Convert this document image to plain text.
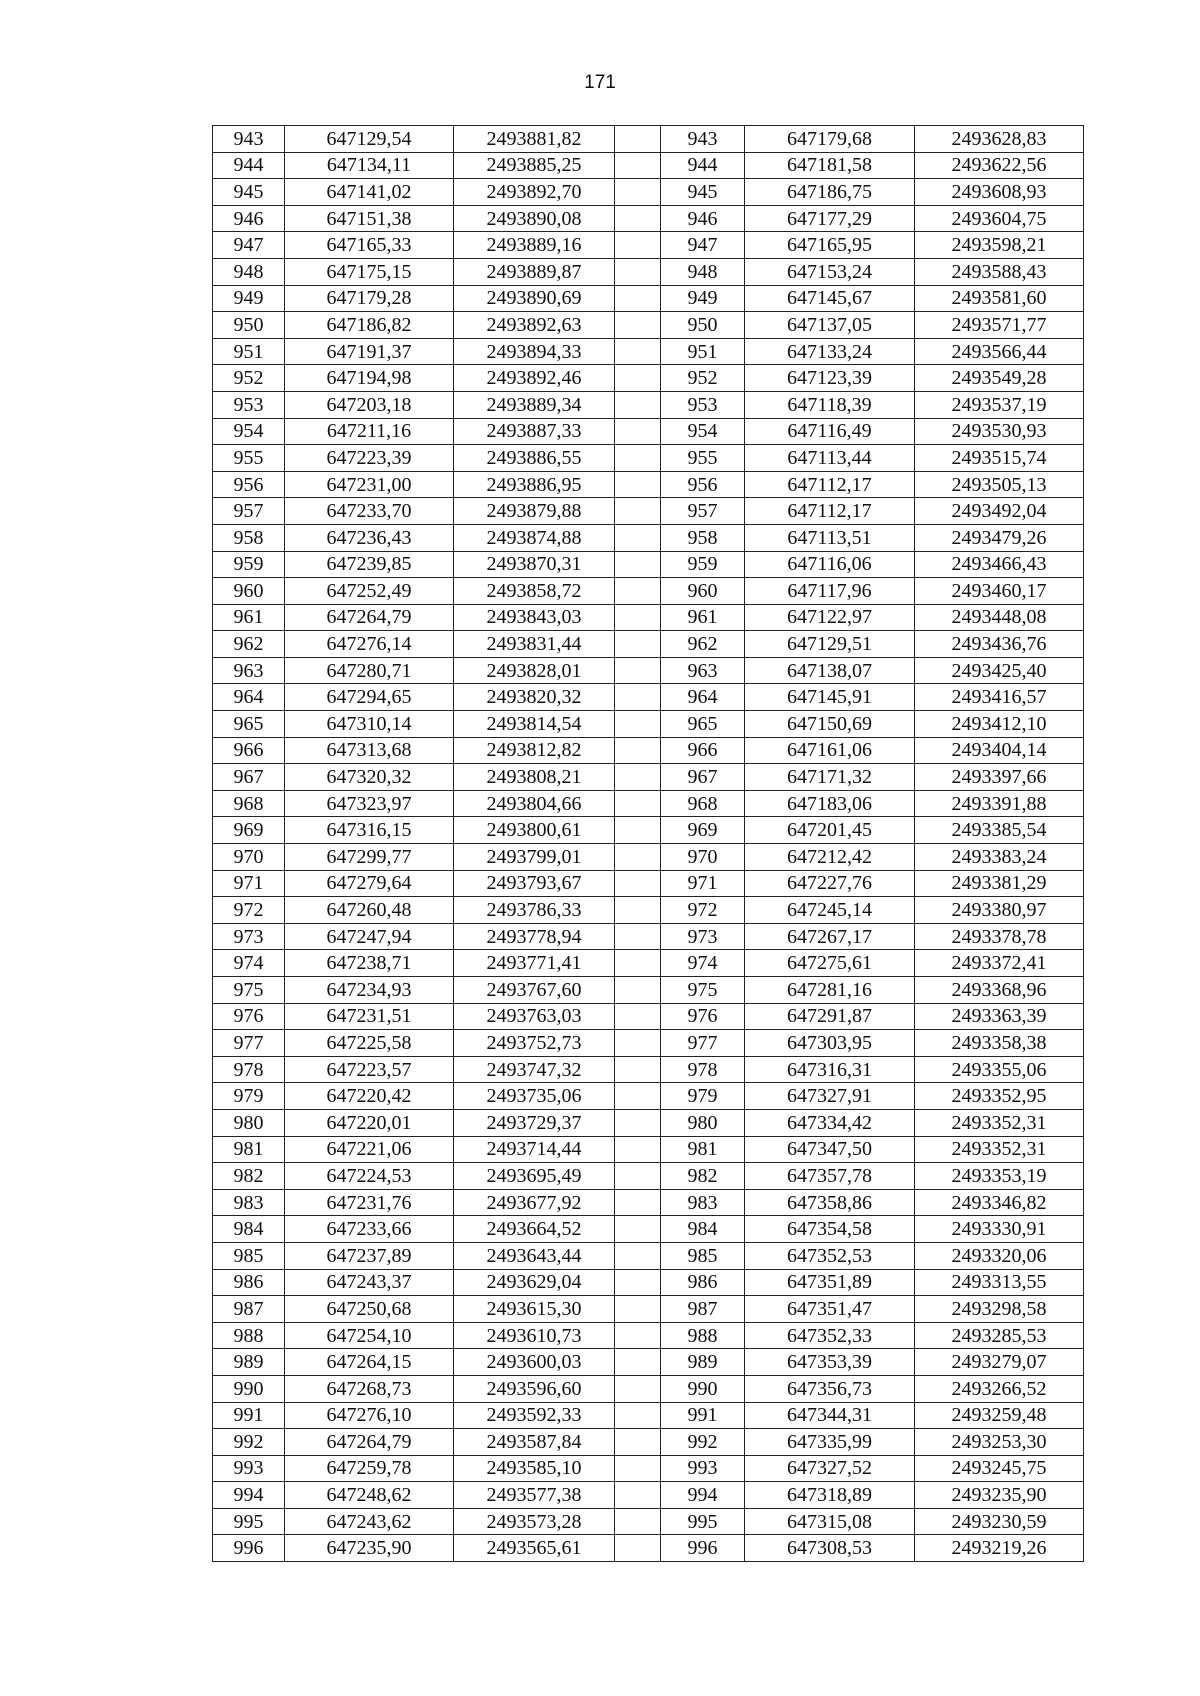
171
943	647129,54	2493881,82		943	647179,68	2493628,83
944	647134,11	2493885,25		944	647181,58	2493622,56
945	647141,02	2493892,70		945	647186,75	2493608,93
946	647151,38	2493890,08		946	647177,29	2493604,75
947	647165,33	2493889,16		947	647165,95	2493598,21
948	647175,15	2493889,87		948	647153,24	2493588,43
949	647179,28	2493890,69		949	647145,67	2493581,60
950	647186,82	2493892,63		950	647137,05	2493571,77
951	647191,37	2493894,33		951	647133,24	2493566,44
952	647194,98	2493892,46		952	647123,39	2493549,28
953	647203,18	2493889,34		953	647118,39	2493537,19
954	647211,16	2493887,33		954	647116,49	2493530,93
955	647223,39	2493886,55		955	647113,44	2493515,74
956	647231,00	2493886,95		956	647112,17	2493505,13
957	647233,70	2493879,88		957	647112,17	2493492,04
958	647236,43	2493874,88		958	647113,51	2493479,26
959	647239,85	2493870,31		959	647116,06	2493466,43
960	647252,49	2493858,72		960	647117,96	2493460,17
961	647264,79	2493843,03		961	647122,97	2493448,08
962	647276,14	2493831,44		962	647129,51	2493436,76
963	647280,71	2493828,01		963	647138,07	2493425,40
964	647294,65	2493820,32		964	647145,91	2493416,57
965	647310,14	2493814,54		965	647150,69	2493412,10
966	647313,68	2493812,82		966	647161,06	2493404,14
967	647320,32	2493808,21		967	647171,32	2493397,66
968	647323,97	2493804,66		968	647183,06	2493391,88
969	647316,15	2493800,61		969	647201,45	2493385,54
970	647299,77	2493799,01		970	647212,42	2493383,24
971	647279,64	2493793,67		971	647227,76	2493381,29
972	647260,48	2493786,33		972	647245,14	2493380,97
973	647247,94	2493778,94		973	647267,17	2493378,78
974	647238,71	2493771,41		974	647275,61	2493372,41
975	647234,93	2493767,60		975	647281,16	2493368,96
976	647231,51	2493763,03		976	647291,87	2493363,39
977	647225,58	2493752,73		977	647303,95	2493358,38
978	647223,57	2493747,32		978	647316,31	2493355,06
979	647220,42	2493735,06		979	647327,91	2493352,95
980	647220,01	2493729,37		980	647334,42	2493352,31
981	647221,06	2493714,44		981	647347,50	2493352,31
982	647224,53	2493695,49		982	647357,78	2493353,19
983	647231,76	2493677,92		983	647358,86	2493346,82
984	647233,66	2493664,52		984	647354,58	2493330,91
985	647237,89	2493643,44		985	647352,53	2493320,06
986	647243,37	2493629,04		986	647351,89	2493313,55
987	647250,68	2493615,30		987	647351,47	2493298,58
988	647254,10	2493610,73		988	647352,33	2493285,53
989	647264,15	2493600,03		989	647353,39	2493279,07
990	647268,73	2493596,60		990	647356,73	2493266,52
991	647276,10	2493592,33		991	647344,31	2493259,48
992	647264,79	2493587,84		992	647335,99	2493253,30
993	647259,78	2493585,10		993	647327,52	2493245,75
994	647248,62	2493577,38		994	647318,89	2493235,90
995	647243,62	2493573,28		995	647315,08	2493230,59
996	647235,90	2493565,61		996	647308,53	2493219,26
